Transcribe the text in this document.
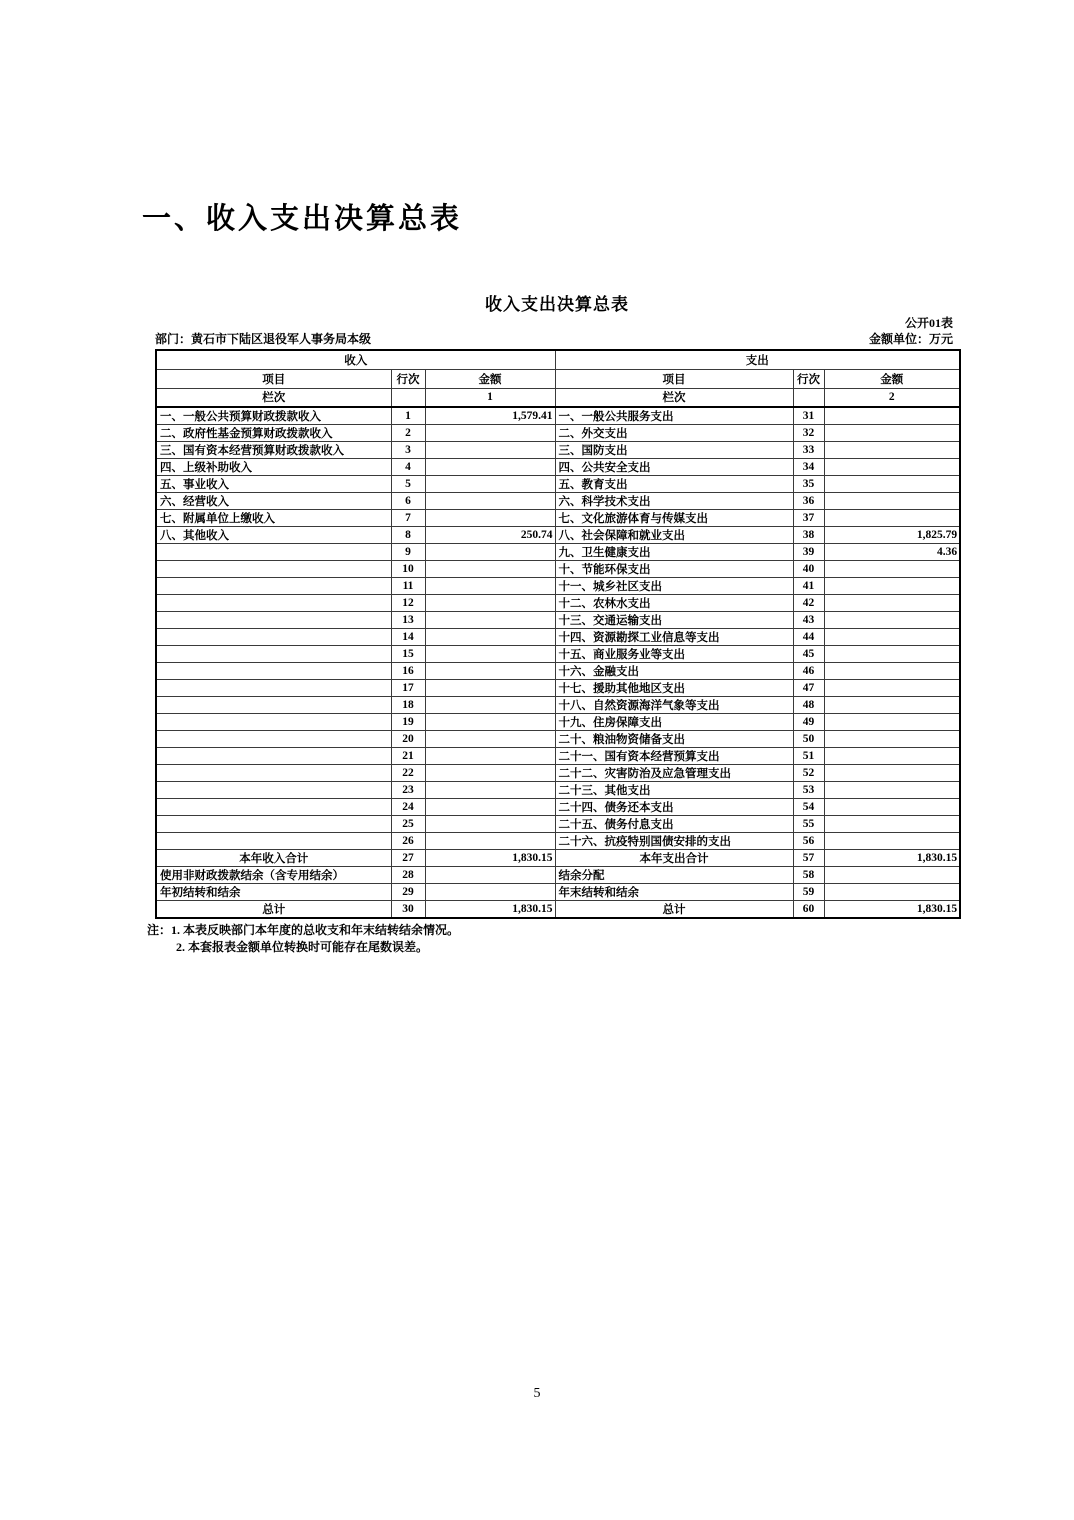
一、收入支出决算总表
收入支出决算总表
公开01表
部门：黄石市下陆区退役军人事务局本级	金额单位：万元
收入			支出		
项目	行次	金额	项目	行次	金额
栏次		1	栏次		2
一、一般公共预算财政拨款收入	1	1,579.41	一、一般公共服务支出	31	
二、政府性基金预算财政拨款收入	2		二、外交支出	32	
三、国有资本经营预算财政拨款收入	3		三、国防支出	33	
四、上级补助收入	4		四、公共安全支出	34	
五、事业收入	5		五、教育支出	35	
六、经营收入	6		六、科学技术支出	36	
七、附属单位上缴收入	7		七、文化旅游体育与传媒支出	37	
八、其他收入	8	250.74	八、社会保障和就业支出	38	1,825.79
	9		九、卫生健康支出	39	4.36
	10		十、节能环保支出	40	
	11		十一、城乡社区支出	41	
	12		十二、农林水支出	42	
	13		十三、交通运输支出	43	
	14		十四、资源勘探工业信息等支出	44	
	15		十五、商业服务业等支出	45	
	16		十六、金融支出	46	
	17		十七、援助其他地区支出	47	
	18		十八、自然资源海洋气象等支出	48	
	19		十九、住房保障支出	49	
	20		二十、粮油物资储备支出	50	
	21		二十一、国有资本经营预算支出	51	
	22		二十二、灾害防治及应急管理支出	52	
	23		二十三、其他支出	53	
	24		二十四、债务还本支出	54	
	25		二十五、债务付息支出	55	
	26		二十六、抗疫特别国债安排的支出	56	
本年收入合计	27	1,830.15	本年支出合计	57	1,830.15
使用非财政拨款结余（含专用结余）	28		结余分配	58	
年初结转和结余	29		年末结转和结余	59	
总计	30	1,830.15	总计	60	1,830.15
注：1. 本表反映部门本年度的总收支和年末结转结余情况。
2. 本套报表金额单位转换时可能存在尾数误差。
5
